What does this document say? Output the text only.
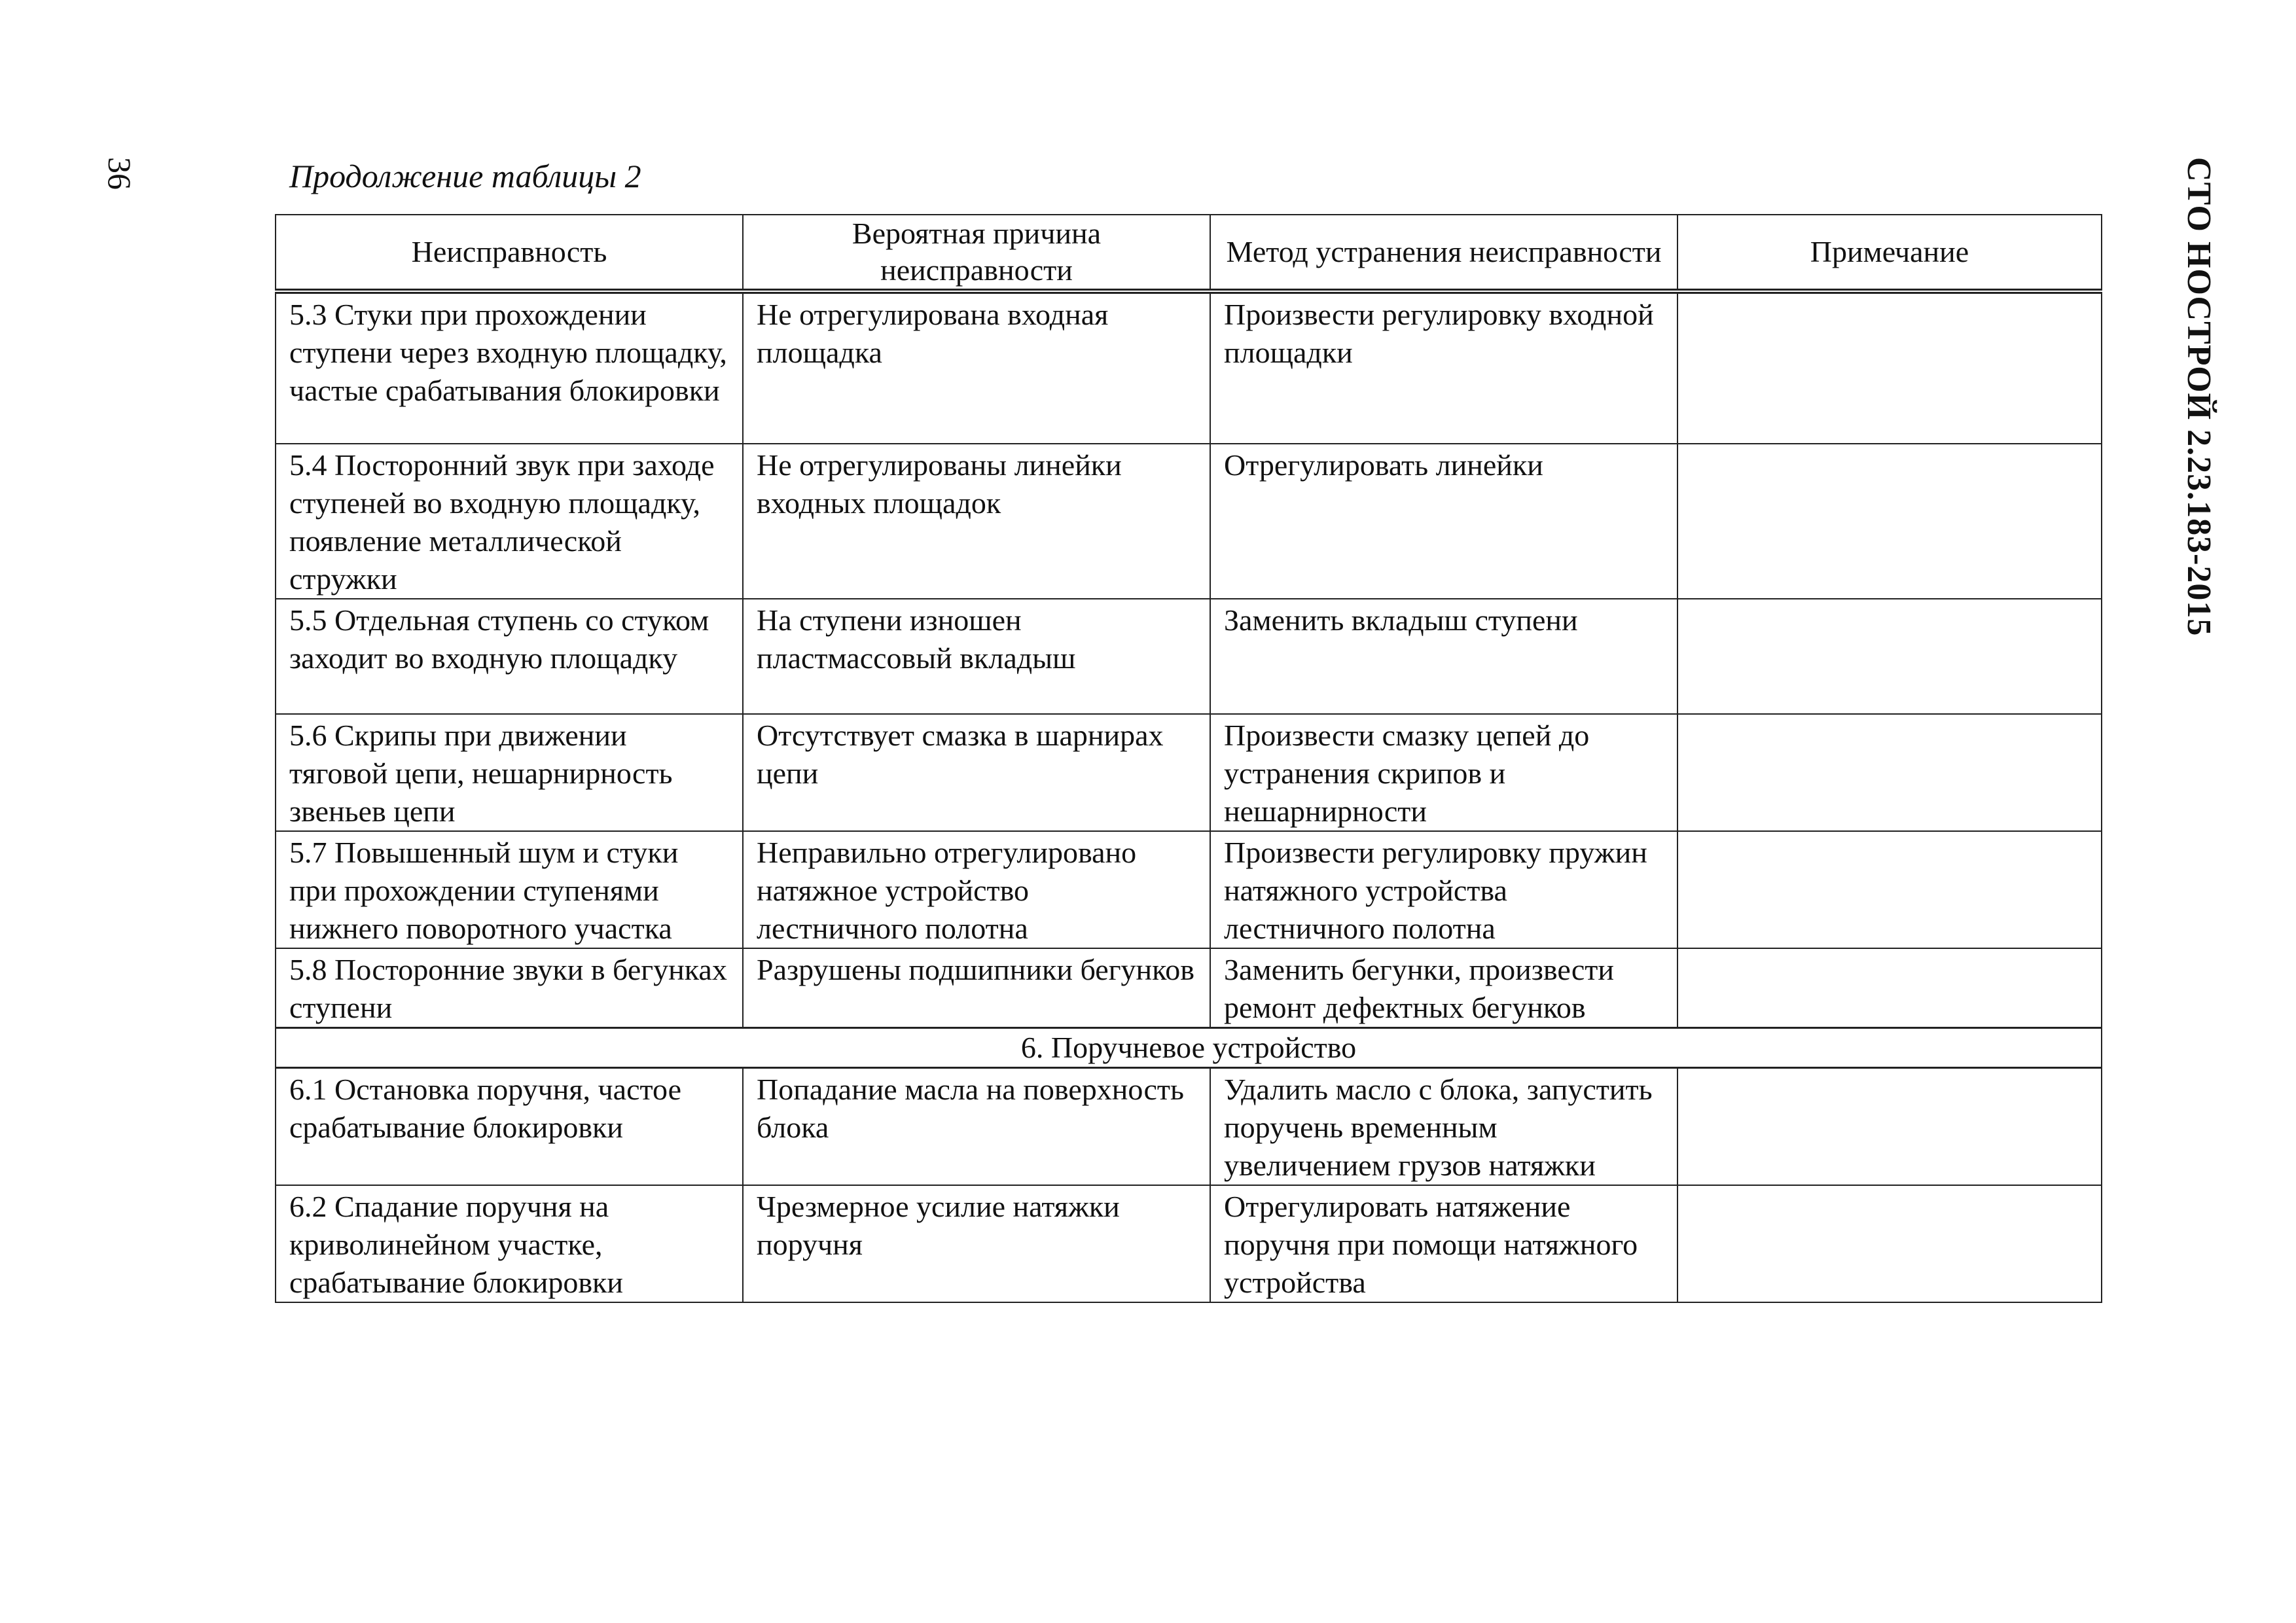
36	СТО НОСТРОЙ 2.23.183-2015
Продолжение таблицы 2
Неисправность	Вероятная причина неисправности	Метод устранения неисправности	Примечание
5.3 Стуки при прохождении ступени через входную площадку, частые срабатывания блокировки	Не отрегулирована входная площадка	Произвести регулировку входной площадки	
5.4 Посторонний звук при заходе ступеней во входную площадку, появление металлической стружки	Не отрегулированы линейки входных площадок	Отрегулировать линейки	
5.5 Отдельная ступень со стуком заходит во входную площадку	На ступени изношен пластмассовый вкладыш	Заменить вкладыш ступени	
5.6 Скрипы при движении тяговой цепи, нешарнирность звеньев цепи	Отсутствует смазка в шарнирах цепи	Произвести смазку цепей до устранения скрипов и нешарнирности	
5.7 Повышенный шум и стуки при прохождении ступенями нижнего поворотного участка	Неправильно отрегулировано натяжное устройство лестничного полотна	Произвести регулировку пружин натяжного устройства лестничного полотна	
5.8 Посторонние звуки в бегунках ступени	Разрушены подшипники бегунков	Заменить бегунки, произвести ремонт дефектных бегунков	
6. Поручневое устройство			
6.1 Остановка поручня, частое срабатывание блокировки	Попадание масла на поверхность блока	Удалить масло с блока, запустить поручень временным увеличением грузов натяжки	
6.2 Спадание поручня на криволинейном участке, срабатывание блокировки	Чрезмерное усилие натяжки поручня	Отрегулировать натяжение поручня при помощи натяжного устройства	
